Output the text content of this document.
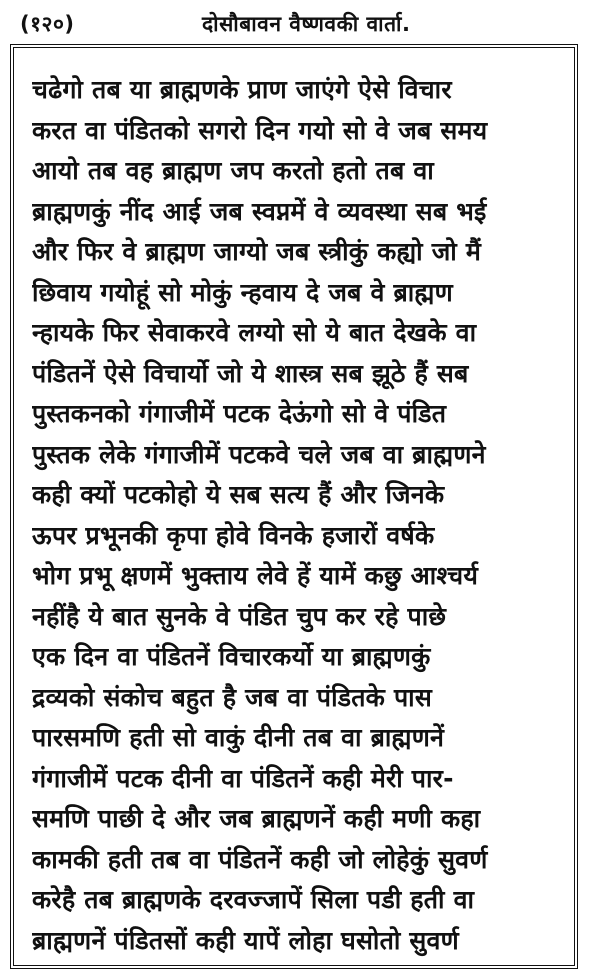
(१२०)	दोसौबावन वैष्णवकी वार्ता.
चढेगो तब या ब्राह्मणके प्राण जाएंगे ऐसे विचार
करत वा पंडितको सगरो दिन गयो सो वे जब समय
आयो तब वह ब्राह्मण जप करतो हतो तब वा
ब्राह्मणकुं नींद आई जब स्वप्नमें वे व्यवस्था सब भई
और फिर वे ब्राह्मण जाग्यो जब स्त्रीकुं कह्यो जो मैं
छिवाय गयोहूं सो मोकुं न्हवाय दे जब वे ब्राह्मण
न्हायके फिर सेवाकरवे लग्यो सो ये बात देखके वा
पंडितनें ऐसे विचार्यो जो ये शास्त्र सब झूठे हैं सब
पुस्तकनको गंगाजीमें पटक देऊंगो सो वे पंडित
पुस्तक लेके गंगाजीमें पटकवे चले जब वा ब्राह्मणने
कही क्यों पटकोहो ये सब सत्य हैं और जिनके
ऊपर प्रभूनकी कृपा होवे विनके हजारों वर्षके
भोग प्रभू क्षणमें भुक्ताय लेवे हें यामें कछु आश्चर्य
नहींहै ये बात सुनके वे पंडित चुप कर रहे पाछे
एक दिन वा पंडितनें विचारकर्यो या ब्राह्मणकुं
द्रव्यको संकोच बहुत है जब वा पंडितके पास
पारसमणि हती सो वाकुं दीनी तब वा ब्राह्मणनें
गंगाजीमें पटक दीनी वा पंडितनें कही मेरी पार-
समणि पाछी दे और जब ब्राह्मणनें कही मणी कहा
कामकी हती तब वा पंडितनें कही जो लोहेकुं सुवर्ण
करेहै तब ब्राह्मणके दरवज्जापें सिला पडी हती वा
ब्राह्मणनें पंडितसों कही यापें लोहा घसोतो सुवर्ण
